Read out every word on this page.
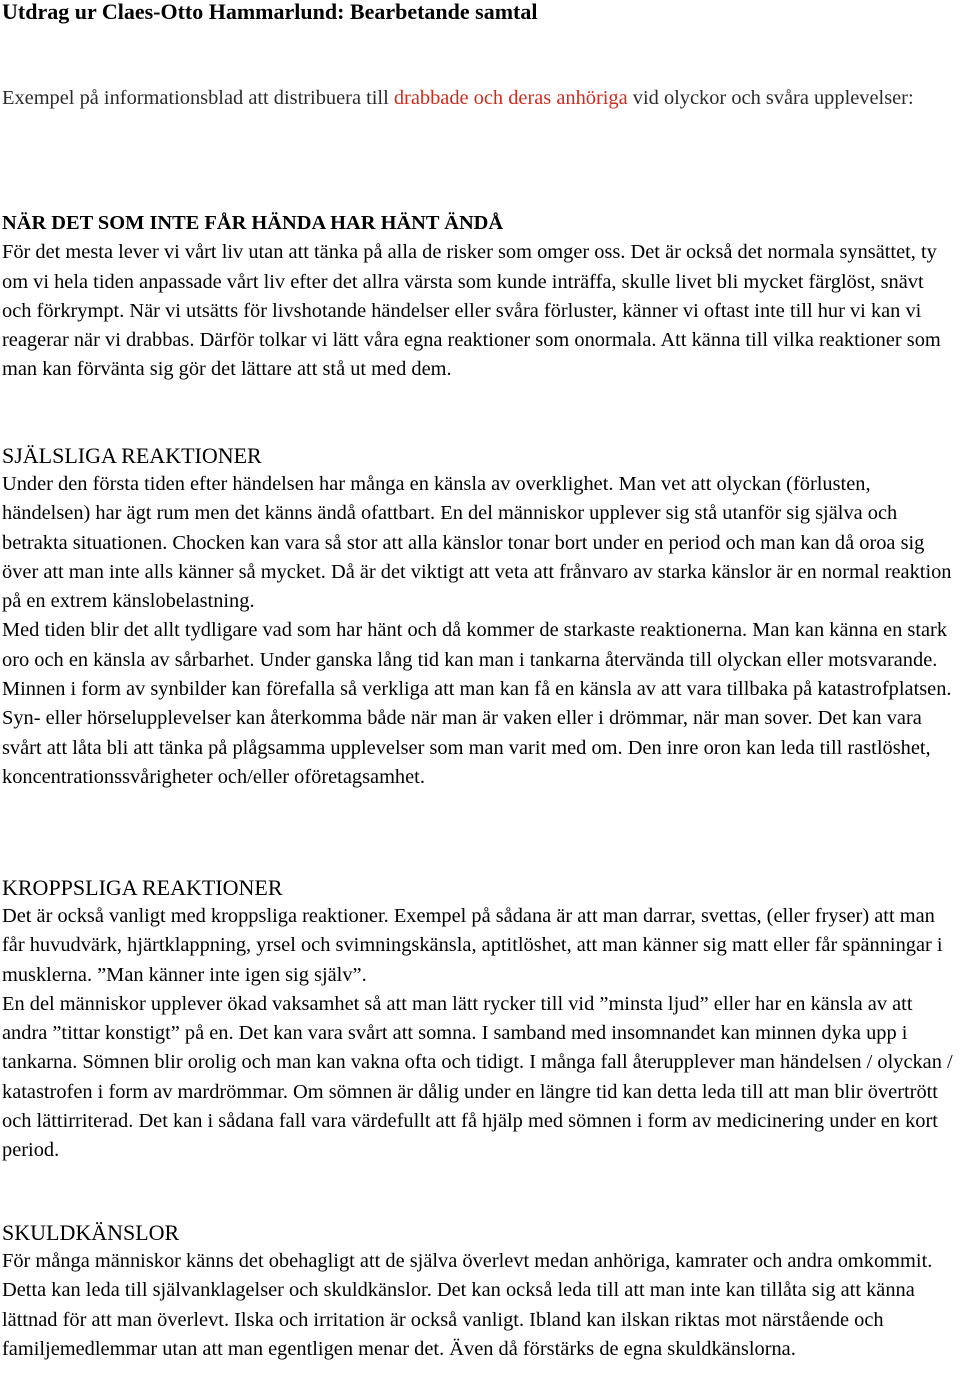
Utdrag ur Claes-Otto Hammarlund: Bearbetande samtal
Exempel på informationsblad att distribuera till drabbade och deras anhöriga vid olyckor och svåra upplevelser:
NÄR DET SOM INTE FÅR HÄNDA HAR HÄNT ÄNDÅ

För det mesta lever vi vårt liv utan att tänka på alla de risker som omger oss. Det är också det normala synsättet, ty om vi hela tiden anpassade vårt liv efter det allra värsta som kunde inträffa, skulle livet bli mycket färglöst, snävt och förkrympt. När vi utsätts för livshotande händelser eller svåra förluster, känner vi oftast inte till hur vi kan vi reagerar när vi drabbas. Därför tolkar vi lätt våra egna reaktioner som onormala. Att känna till vilka reaktioner som man kan förvänta sig gör det lättare att stå ut med dem.

SJÄLSLIGA REAKTIONER

Under den första tiden efter händelsen har många en känsla av overklighet. Man vet att olyckan (förlusten, händelsen) har ägt rum men det känns ändå ofattbart. En del människor upplever sig stå utanför sig själva och betrakta situationen. Chocken kan vara så stor att alla känslor tonar bort under en period och man kan då oroa sig över att man inte alls känner så mycket. Då är det viktigt att veta att frånvaro av starka känslor är en normal reaktion på en extrem känslobelastning.

Med tiden blir det allt tydligare vad som har hänt och då kommer de starkaste reaktionerna. Man kan känna en stark oro och en känsla av sårbarhet. Under ganska lång tid kan man i tankarna återvända till olyckan eller motsvarande. Minnen i form av synbilder kan förefalla så verkliga att man kan få en känsla av att vara tillbaka på katastrofplatsen. Syn- eller hörselupplevelser kan återkomma både när man är vaken eller i drömmar, när man sover. Det kan vara svårt att låta bli att tänka på plågsamma upplevelser som man varit med om. Den inre oron kan leda till rastlöshet, koncentrationssvårigheter och/eller oföretagsamhet.

KROPPSLIGA REAKTIONER

Det är också vanligt med kroppsliga reaktioner. Exempel på sådana är att man darrar, svettas, (eller fryser) att man får huvudvärk, hjärtklappning, yrsel och svimningskänsla, aptitlöshet, att man känner sig matt eller får spänningar i musklerna. ”Man känner inte igen sig själv”.

En del människor upplever ökad vaksamhet så att man lätt rycker till vid ”minsta ljud” eller har en känsla av att andra ”tittar konstigt” på en. Det kan vara svårt att somna. I samband med insomnandet kan minnen dyka upp i tankarna. Sömnen blir orolig och man kan vakna ofta och tidigt. I många fall återupplever man händelsen / olyckan / katastrofen i form av mardrömmar. Om sömnen är dålig under en längre tid kan detta leda till att man blir övertrött och lättirriterad. Det kan i sådana fall vara värdefullt att få hjälp med sömnen i form av medicinering under en kort period.

SKULDKÄNSLOR

För många människor känns det obehagligt att de själva överlevt medan anhöriga, kamrater och andra omkommit. Detta kan leda till självanklagelser och skuldkänslor. Det kan också leda till att man inte kan tillåta sig att känna lättnad för att man överlevt. Ilska och irritation är också vanligt. Ibland kan ilskan riktas mot närstående och familjemedlemmar utan att man egentligen menar det. Även då förstärks de egna skuldkänslorna.
